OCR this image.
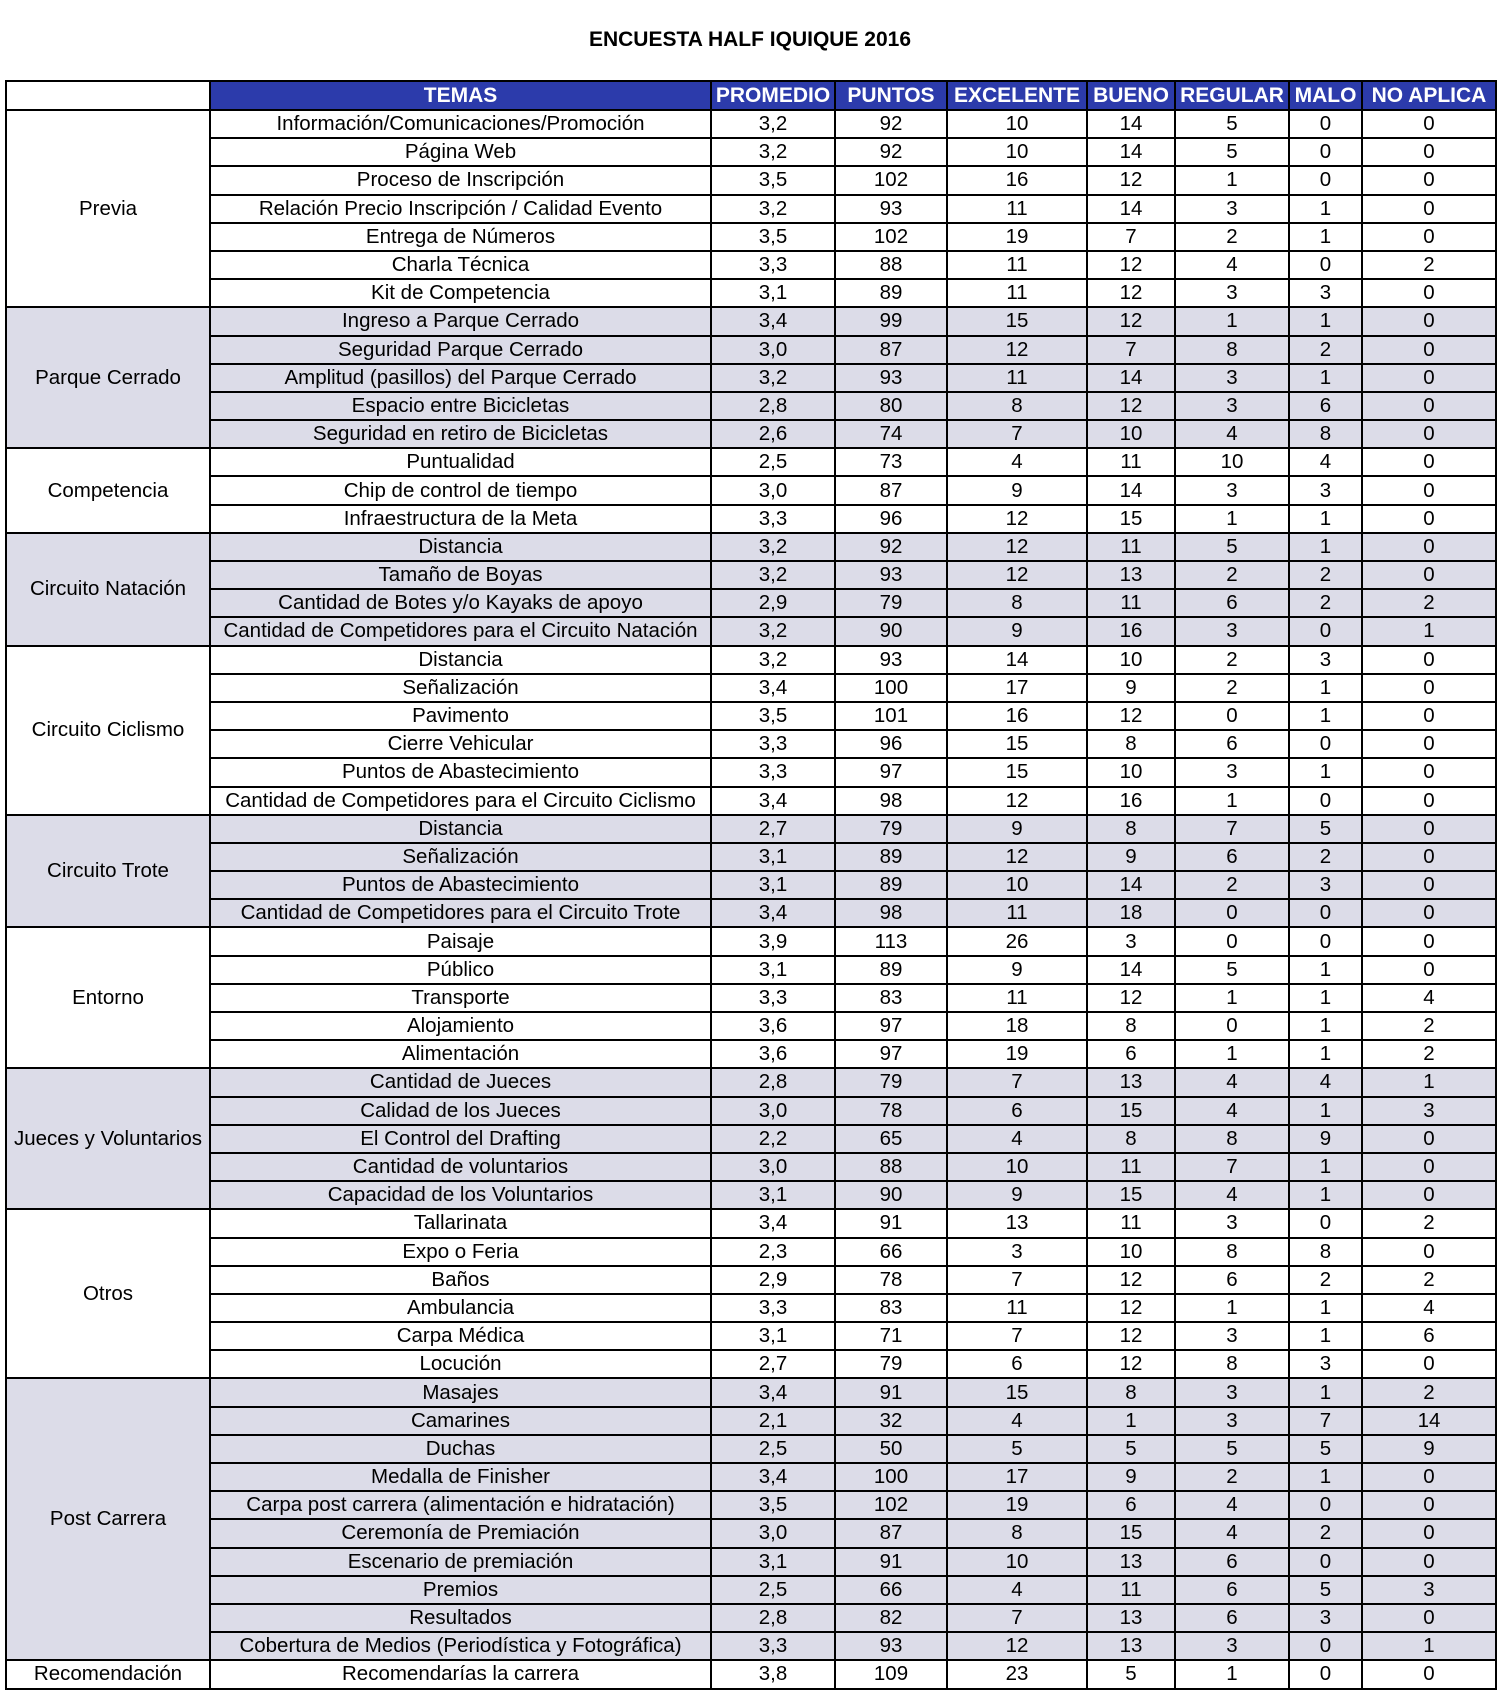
ENCUESTA HALF IQUIQUE 2016
	TEMAS	PROMEDIO	PUNTOS	EXCELENTE	BUENO	REGULAR	MALO	NO APLICA
Previa	Información/Comunicaciones/Promoción	3,2	92	10	14	5	0	0
	Página Web	3,2	92	10	14	5	0	0
	Proceso de Inscripción	3,5	102	16	12	1	0	0
	Relación Precio Inscripción / Calidad Evento	3,2	93	11	14	3	1	0
	Entrega de Números	3,5	102	19	7	2	1	0
	Charla Técnica	3,3	88	11	12	4	0	2
	Kit de Competencia	3,1	89	11	12	3	3	0
Parque Cerrado	Ingreso a Parque Cerrado	3,4	99	15	12	1	1	0
	Seguridad Parque Cerrado	3,0	87	12	7	8	2	0
	Amplitud (pasillos) del Parque Cerrado	3,2	93	11	14	3	1	0
	Espacio entre Bicicletas	2,8	80	8	12	3	6	0
	Seguridad en retiro de Bicicletas	2,6	74	7	10	4	8	0
Competencia	Puntualidad	2,5	73	4	11	10	4	0
	Chip de control de tiempo	3,0	87	9	14	3	3	0
	Infraestructura de la Meta	3,3	96	12	15	1	1	0
Circuito Natación	Distancia	3,2	92	12	11	5	1	0
	Tamaño de Boyas	3,2	93	12	13	2	2	0
	Cantidad de Botes y/o Kayaks de apoyo	2,9	79	8	11	6	2	2
	Cantidad de Competidores para el Circuito Natación	3,2	90	9	16	3	0	1
Circuito Ciclismo	Distancia	3,2	93	14	10	2	3	0
	Señalización	3,4	100	17	9	2	1	0
	Pavimento	3,5	101	16	12	0	1	0
	Cierre Vehicular	3,3	96	15	8	6	0	0
	Puntos de Abastecimiento	3,3	97	15	10	3	1	0
	Cantidad de Competidores para el Circuito Ciclismo	3,4	98	12	16	1	0	0
Circuito Trote	Distancia	2,7	79	9	8	7	5	0
	Señalización	3,1	89	12	9	6	2	0
	Puntos de Abastecimiento	3,1	89	10	14	2	3	0
	Cantidad de Competidores para el Circuito Trote	3,4	98	11	18	0	0	0
Entorno	Paisaje	3,9	113	26	3	0	0	0
	Público	3,1	89	9	14	5	1	0
	Transporte	3,3	83	11	12	1	1	4
	Alojamiento	3,6	97	18	8	0	1	2
	Alimentación	3,6	97	19	6	1	1	2
Jueces y Voluntarios	Cantidad de Jueces	2,8	79	7	13	4	4	1
	Calidad de los Jueces	3,0	78	6	15	4	1	3
	El Control del Drafting	2,2	65	4	8	8	9	0
	Cantidad de voluntarios	3,0	88	10	11	7	1	0
	Capacidad de los Voluntarios	3,1	90	9	15	4	1	0
Otros	Tallarinata	3,4	91	13	11	3	0	2
	Expo o Feria	2,3	66	3	10	8	8	0
	Baños	2,9	78	7	12	6	2	2
	Ambulancia	3,3	83	11	12	1	1	4
	Carpa Médica	3,1	71	7	12	3	1	6
	Locución	2,7	79	6	12	8	3	0
Post Carrera	Masajes	3,4	91	15	8	3	1	2
	Camarines	2,1	32	4	1	3	7	14
	Duchas	2,5	50	5	5	5	5	9
	Medalla de Finisher	3,4	100	17	9	2	1	0
	Carpa post carrera (alimentación e hidratación)	3,5	102	19	6	4	0	0
	Ceremonía de Premiación	3,0	87	8	15	4	2	0
	Escenario de premiación	3,1	91	10	13	6	0	0
	Premios	2,5	66	4	11	6	5	3
	Resultados	2,8	82	7	13	6	3	0
	Cobertura de Medios (Periodística y Fotográfica)	3,3	93	12	13	3	0	1
Recomendación	Recomendarías la carrera	3,8	109	23	5	1	0	0
